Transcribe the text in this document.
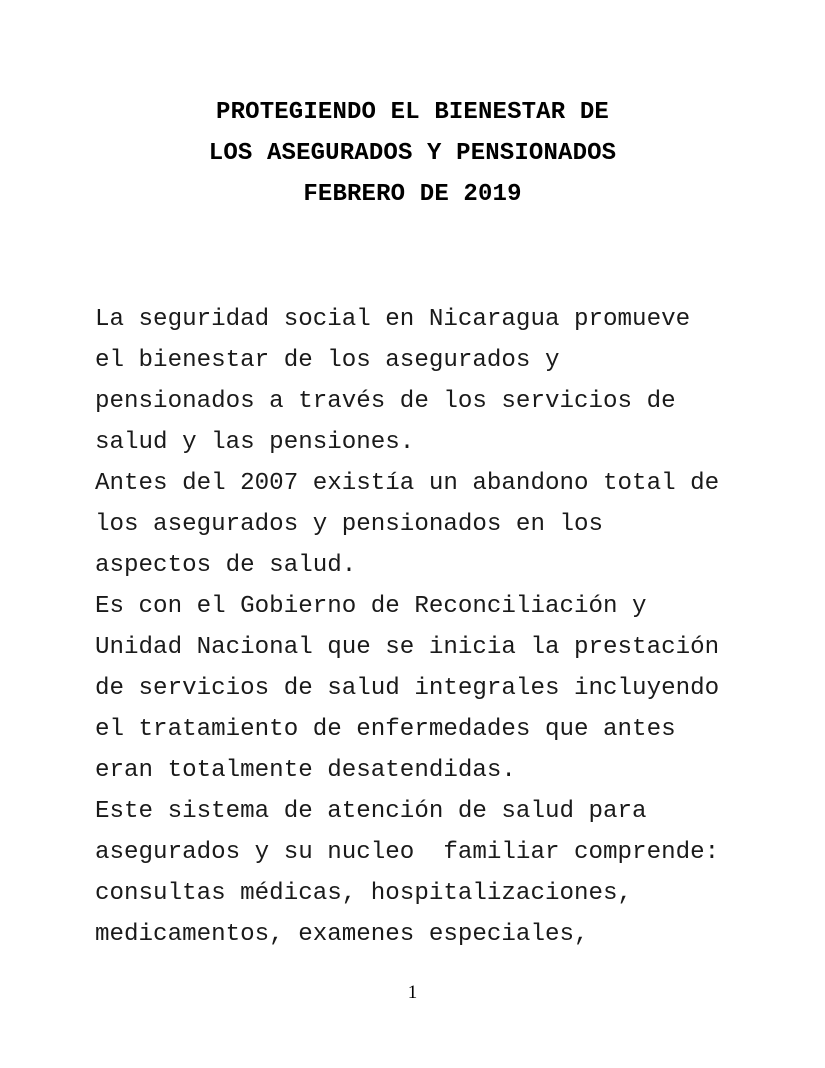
PROTEGIENDO EL BIENESTAR DE
LOS ASEGURADOS Y PENSIONADOS
FEBRERO DE 2019
La seguridad social en Nicaragua promueve
el bienestar de los asegurados y
pensionados a través de los servicios de
salud y las pensiones.
Antes del 2007 existía un abandono total de
los asegurados y pensionados en los
aspectos de salud.
Es con el Gobierno de Reconciliación y
Unidad Nacional que se inicia la prestación
de servicios de salud integrales incluyendo
el tratamiento de enfermedades que antes
eran totalmente desatendidas.
Este sistema de atención de salud para
asegurados y su nucleo  familiar comprende:
consultas médicas, hospitalizaciones,
medicamentos, examenes especiales,
1
